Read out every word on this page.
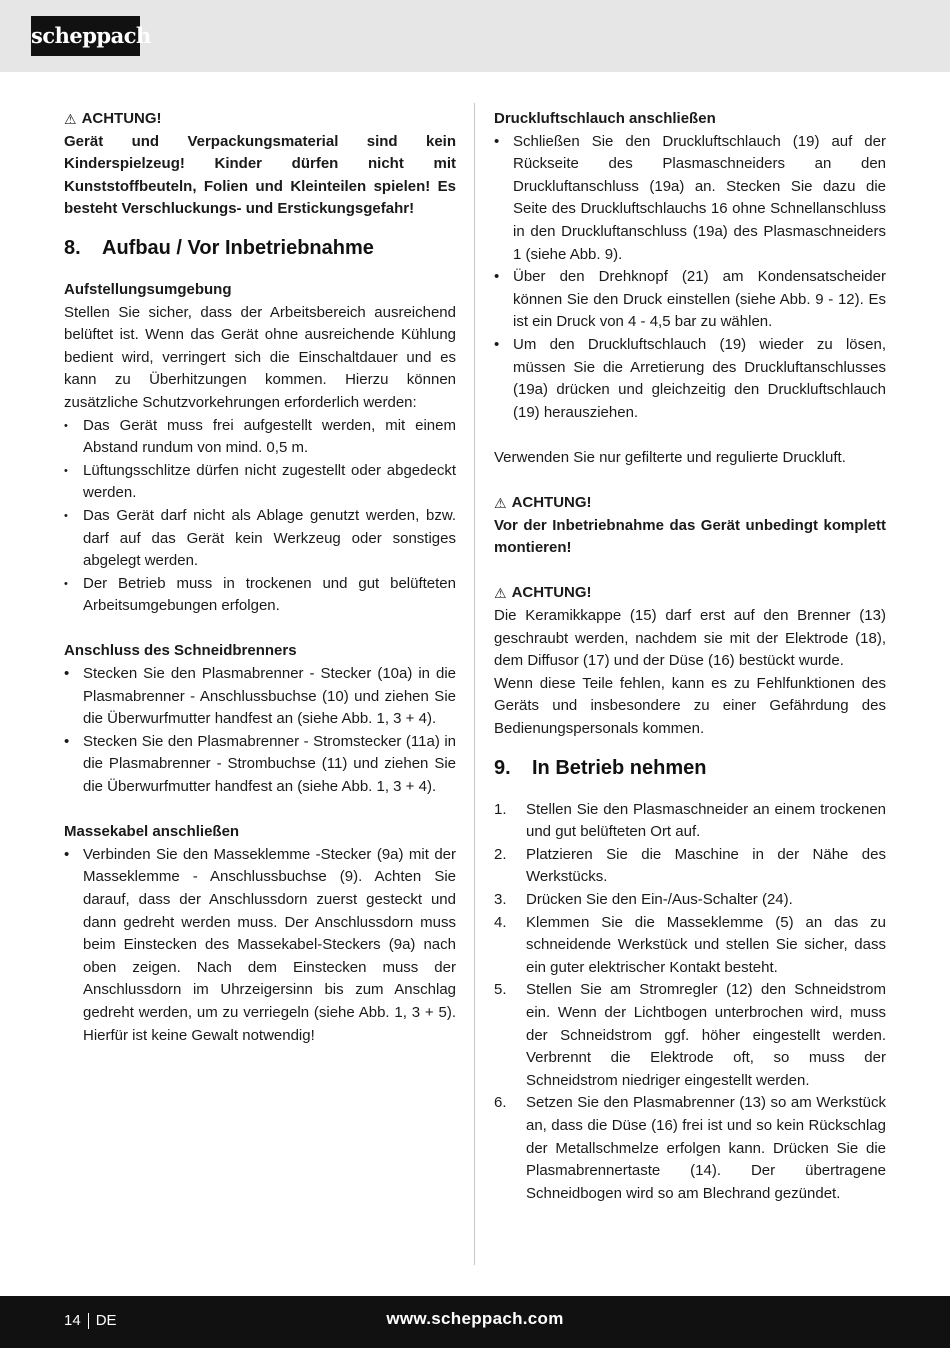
scheppach
⚠ ACHTUNG!

Gerät und Verpackungsmaterial sind kein Kinderspielzeug! Kinder dürfen nicht mit Kunststoffbeuteln, Folien und Kleinteilen spielen! Es besteht Verschluckungs- und Erstickungsgefahr!

8.	Aufbau / Vor Inbetriebnahme
Aufstellungsumgebung

Stellen Sie sicher, dass der Arbeitsbereich ausreichend belüftet ist. Wenn das Gerät ohne ausreichende Kühlung bedient wird, verringert sich die Einschaltdauer und es kann zu Überhitzungen kommen. Hierzu können zusätzliche Schutzvorkehrungen erforderlich werden:

• Das Gerät muss frei aufgestellt werden, mit einem Abstand rundum von mind. 0,5 m.
• Lüftungsschlitze dürfen nicht zugestellt oder abgedeckt werden.
• Das Gerät darf nicht als Ablage genutzt werden, bzw. darf auf das Gerät kein Werkzeug oder sonstiges abgelegt werden.
• Der Betrieb muss in trockenen und gut belüfteten Arbeitsumgebungen erfolgen.
Anschluss des Schneidbrenners
• Stecken Sie den Plasmabrenner - Stecker (10a) in die Plasmabrenner - Anschlussbuchse (10) und ziehen Sie die Überwurfmutter handfest an (siehe Abb. 1, 3 + 4).
• Stecken Sie den Plasmabrenner - Stromstecker (11a) in die Plasmabrenner - Strombuchse (11) und ziehen Sie die Überwurfmutter handfest an (siehe Abb. 1, 3 + 4).
Massekabel anschließen
• Verbinden Sie den Masseklemme -Stecker (9a) mit der Masseklemme - Anschlussbuchse (9). Achten Sie darauf, dass der Anschlussdorn zuerst gesteckt und dann gedreht werden muss. Der Anschlussdorn muss beim Einstecken des Massekabel-Steckers (9a) nach oben zeigen. Nach dem Einstecken muss der Anschlussdorn im Uhrzeigersinn bis zum Anschlag gedreht werden, um zu verriegeln (siehe Abb. 1, 3 + 5). Hierfür ist keine Gewalt notwendig!
Druckluftschlauch anschließen
• Schließen Sie den Druckluftschlauch (19) auf der Rückseite des Plasmaschneiders an den Druckluftanschluss (19a) an. Stecken Sie dazu die Seite des Druckluftschlauchs 16 ohne Schnellanschluss in den Druckluftanschluss (19a) des Plasmaschneiders 1 (siehe Abb. 9).
• Über den Drehknopf (21) am Kondensatscheider können Sie den Druck einstellen (siehe Abb. 9 - 12). Es ist ein Druck von 4 - 4,5 bar zu wählen.
• Um den Druckluftschlauch (19) wieder zu lösen, müssen Sie die Arretierung des Druckluftanschlusses (19a) drücken und gleichzeitig den Druckluftschlauch (19) herausziehen.

Verwenden Sie nur gefilterte und regulierte Druckluft.

⚠ ACHTUNG!

Vor der Inbetriebnahme das Gerät unbedingt komplett montieren!

⚠ ACHTUNG!

Die Keramikkappe (15) darf erst auf den Brenner (13) geschraubt werden, nachdem sie mit der Elektrode (18), dem Diffusor (17) und der Düse (16) bestückt wurde.

Wenn diese Teile fehlen, kann es zu Fehlfunktionen des Geräts und insbesondere zu einer Gefährdung des Bedienungspersonals kommen.

9.	In Betrieb nehmen
1. Stellen Sie den Plasmaschneider an einem trockenen und gut belüfteten Ort auf.
2. Platzieren Sie die Maschine in der Nähe des Werkstücks.
3. Drücken Sie den Ein-/Aus-Schalter (24).
4. Klemmen Sie die Masseklemme (5) an das zu schneidende Werkstück und stellen Sie sicher, dass ein guter elektrischer Kontakt besteht.
5. Stellen Sie am Stromregler (12) den Schneidstrom ein. Wenn der Lichtbogen unterbrochen wird, muss der Schneidstrom ggf. höher eingestellt werden. Verbrennt die Elektrode oft, so muss der Schneidstrom niedriger eingestellt werden.
6. Setzen Sie den Plasmabrenner (13) so am Werkstück an, dass die Düse (16) frei ist und so kein Rückschlag der Metallschmelze erfolgen kann. Drücken Sie die Plasmabrennertaste (14). Der übertragene Schneidbogen wird so am Blechrand gezündet.
14 DE	www.scheppach.com
